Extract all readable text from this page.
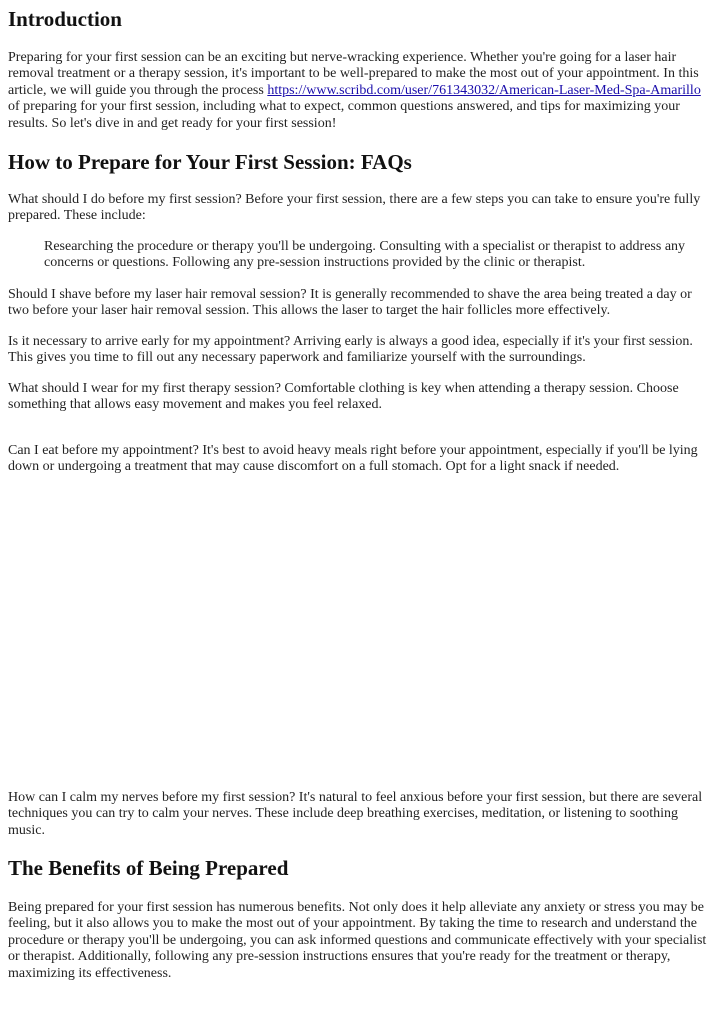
Introduction

Preparing for your first session can be an exciting but nerve-wracking experience. Whether you're going for a laser hair removal treatment or a therapy session, it's important to be well-prepared to make the most out of your appointment. In this article, we will guide you through the process https://www.scribd.com/user/761343032/American-Laser-Med-Spa-Amarillo of preparing for your first session, including what to expect, common questions answered, and tips for maximizing your results. So let's dive in and get ready for your first session!

How to Prepare for Your First Session: FAQs

What should I do before my first session? Before your first session, there are a few steps you can take to ensure you're fully prepared. These include:

Researching the procedure or therapy you'll be undergoing. Consulting with a specialist or therapist to address any concerns or questions. Following any pre-session instructions provided by the clinic or therapist.

Should I shave before my laser hair removal session? It is generally recommended to shave the area being treated a day or two before your laser hair removal session. This allows the laser to target the hair follicles more effectively.

Is it necessary to arrive early for my appointment? Arriving early is always a good idea, especially if it's your first session. This gives you time to fill out any necessary paperwork and familiarize yourself with the surroundings.

What should I wear for my first therapy session? Comfortable clothing is key when attending a therapy session. Choose something that allows easy movement and makes you feel relaxed.

Can I eat before my appointment? It's best to avoid heavy meals right before your appointment, especially if you'll be lying down or undergoing a treatment that may cause discomfort on a full stomach. Opt for a light snack if needed.

How can I calm my nerves before my first session? It's natural to feel anxious before your first session, but there are several techniques you can try to calm your nerves. These include deep breathing exercises, meditation, or listening to soothing music.

The Benefits of Being Prepared

Being prepared for your first session has numerous benefits. Not only does it help alleviate any anxiety or stress you may be feeling, but it also allows you to make the most out of your appointment. By taking the time to research and understand the procedure or therapy you'll be undergoing, you can ask informed questions and communicate effectively with your specialist or therapist. Additionally, following any pre-session instructions ensures that you're ready for the treatment or therapy, maximizing its effectiveness.
